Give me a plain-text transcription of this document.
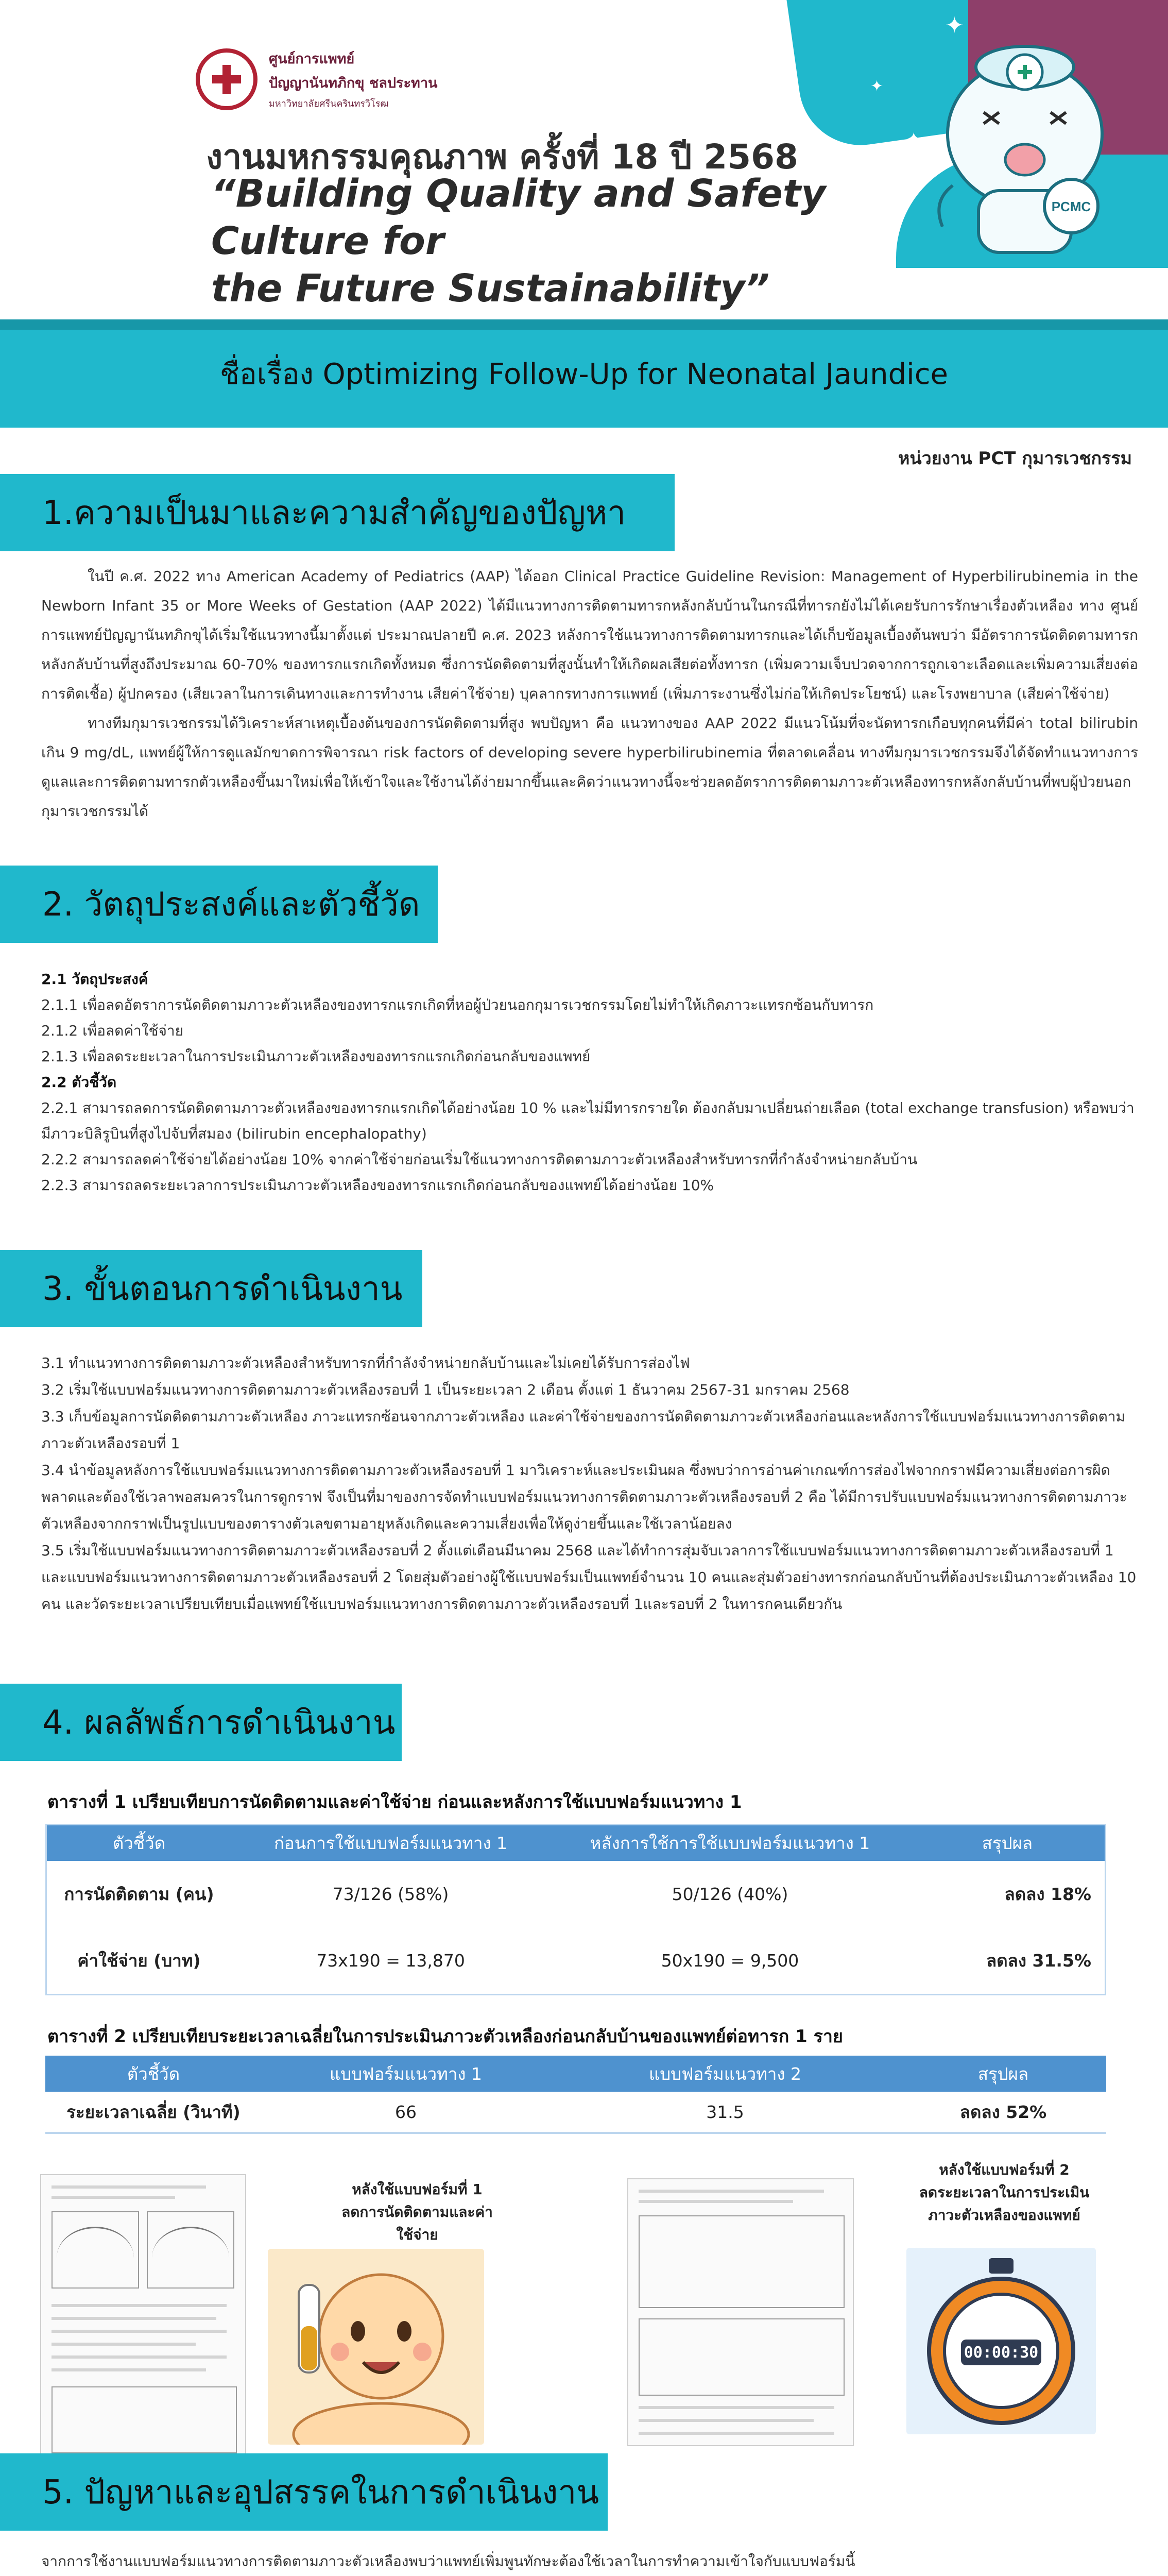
✦
✦
✦
ศูนย์การแพทย์
ปัญญานันทภิกขุ ชลประทาน
มหาวิทยาลัยศรีนครินทรวิโรฒ
งานมหกรรมคุณภาพ ครั้งที่ 18 ปี 2568
“Building Quality and Safety Culture for
the Future Sustainability”
PCMC
ชื่อเรื่อง Optimizing Follow-Up for Neonatal Jaundice
หน่วยงาน PCT กุมารเวชกรรม
1.ความเป็นมาและความสำคัญของปัญหา

ในปี ค.ศ. 2022 ทาง American Academy of Pediatrics (AAP) ได้ออก Clinical Practice Guideline Revision: Management of Hyperbilirubinemia in the Newborn Infant 35 or More Weeks of Gestation (AAP 2022) ได้มีแนวทางการติดตามทารกหลังกลับบ้านในกรณีที่ทารกยังไม่ได้เคยรับการรักษาเรื่องตัวเหลือง ทาง ศูนย์การแพทย์ปัญญานันทภิกขุได้เริ่มใช้แนวทางนี้มาตั้งแต่ ประมาณปลายปี ค.ศ. 2023 หลังการใช้แนวทางการติดตามทารกและได้เก็บข้อมูลเบื้องต้นพบว่า มีอัตราการนัดติดตามทารกหลังกลับบ้านที่สูงถึงประมาณ 60-70% ของทารกแรกเกิดทั้งหมด ซึ่งการนัดติดตามที่สูงนั้นทำให้เกิดผลเสียต่อทั้งทารก (เพิ่มความเจ็บปวดจากการถูกเจาะเลือดและเพิ่มความเสี่ยงต่อการติดเชื้อ) ผู้ปกครอง (เสียเวลาในการเดินทางและการทำงาน เสียค่าใช้จ่าย) บุคลากรทางการแพทย์ (เพิ่มภาระงานซึ่งไม่ก่อให้เกิดประโยชน์) และโรงพยาบาล (เสียค่าใช้จ่าย)

ทางทีมกุมารเวชกรรมได้วิเคราะห์สาเหตุเบื้องต้นของการนัดติดตามที่สูง พบปัญหา คือ แนวทางของ AAP 2022 มีแนวโน้มที่จะนัดทารกเกือบทุกคนที่มีค่า total bilirubin เกิน 9 mg/dL, แพทย์ผู้ให้การดูแลมักขาดการพิจารณา risk factors of developing severe hyperbilirubinemia ที่ตลาดเคลื่อน ทางทีมกุมารเวชกรรมจึงได้จัดทำแนวทางการดูแลและการติดตามทารกตัวเหลืองขึ้นมาใหม่เพื่อให้เข้าใจและใช้งานได้ง่ายมากขึ้นและคิดว่าแนวทางนี้จะช่วยลดอัตราการติดตามภาวะตัวเหลืองทารกหลังกลับบ้านที่พบผู้ป่วยนอกกุมารเวชกรรมได้

2. วัตถุประสงค์และตัวชี้วัด
2.1 วัตถุประสงค์
2.1.1 เพื่อลดอัตราการนัดติดตามภาวะตัวเหลืองของทารกแรกเกิดที่หอผู้ป่วยนอกกุมารเวชกรรมโดยไม่ทำให้เกิดภาวะแทรกซ้อนกับทารก
2.1.2 เพื่อลดค่าใช้จ่าย
2.1.3 เพื่อลดระยะเวลาในการประเมินภาวะตัวเหลืองของทารกแรกเกิดก่อนกลับของแพทย์
2.2 ตัวชี้วัด
2.2.1 สามารถลดการนัดติดตามภาวะตัวเหลืองของทารกแรกเกิดได้อย่างน้อย 10 % และไม่มีทารกรายใด ต้องกลับมาเปลี่ยนถ่ายเลือด (total exchange transfusion) หรือพบว่ามีภาวะบิลิรูบินที่สูงไปจับที่สมอง (bilirubin encephalopathy)
2.2.2 สามารถลดค่าใช้จ่ายได้อย่างน้อย 10% จากค่าใช้จ่ายก่อนเริ่มใช้แนวทางการติดตามภาวะตัวเหลืองสำหรับทารกที่กำลังจำหน่ายกลับบ้าน
2.2.3 สามารถลดระยะเวลาการประเมินภาวะตัวเหลืองของทารกแรกเกิดก่อนกลับของแพทย์ได้อย่างน้อย 10%
3. ขั้นตอนการดำเนินงาน
3.1 ทำแนวทางการติดตามภาวะตัวเหลืองสำหรับทารกที่กำลังจำหน่ายกลับบ้านและไม่เคยได้รับการส่องไฟ
3.2 เริ่มใช้แบบฟอร์มแนวทางการติดตามภาวะตัวเหลืองรอบที่ 1 เป็นระยะเวลา 2 เดือน ตั้งแต่ 1 ธันวาคม 2567-31 มกราคม 2568
3.3 เก็บข้อมูลการนัดติดตามภาวะตัวเหลือง ภาวะแทรกซ้อนจากภาวะตัวเหลือง และค่าใช้จ่ายของการนัดติดตามภาวะตัวเหลืองก่อนและหลังการใช้แบบฟอร์มแนวทางการติดตามภาวะตัวเหลืองรอบที่ 1
3.4 นำข้อมูลหลังการใช้แบบฟอร์มแนวทางการติดตามภาวะตัวเหลืองรอบที่ 1 มาวิเคราะห์และประเมินผล ซึ่งพบว่าการอ่านค่าเกณฑ์การส่องไฟจากกราฟมีความเสี่ยงต่อการผิดพลาดและต้องใช้เวลาพอสมควรในการดูกราฟ จึงเป็นที่มาของการจัดทำแบบฟอร์มแนวทางการติดตามภาวะตัวเหลืองรอบที่ 2 คือ ได้มีการปรับแบบฟอร์มแนวทางการติดตามภาวะตัวเหลืองจากกราฟเป็นรูปแบบของตารางตัวเลขตามอายุหลังเกิดและความเสี่ยงเพื่อให้ดูง่ายขึ้นและใช้เวลาน้อยลง
3.5 เริ่มใช้แบบฟอร์มแนวทางการติดตามภาวะตัวเหลืองรอบที่ 2 ตั้งแต่เดือนมีนาคม 2568 และได้ทำการสุ่มจับเวลาการใช้แบบฟอร์มแนวทางการติดตามภาวะตัวเหลืองรอบที่ 1 และแบบฟอร์มแนวทางการติดตามภาวะตัวเหลืองรอบที่ 2 โดยสุ่มตัวอย่างผู้ใช้แบบฟอร์มเป็นแพทย์จำนวน 10 คนและสุ่มตัวอย่างทารกก่อนกลับบ้านที่ต้องประเมินภาวะตัวเหลือง 10 คน และวัดระยะเวลาเปรียบเทียบเมื่อแพทย์ใช้แบบฟอร์มแนวทางการติดตามภาวะตัวเหลืองรอบที่ 1และรอบที่ 2 ในทารกคนเดียวกัน
4. ผลลัพธ์การดำเนินงาน
ตารางที่ 1 เปรียบเทียบการนัดติดตามและค่าใช้จ่าย ก่อนและหลังการใช้แบบฟอร์มแนวทาง 1
ตัวชี้วัด	ก่อนการใช้แบบฟอร์มแนวทาง 1	หลังการใช้การใช้แบบฟอร์มแนวทาง 1	สรุปผล
การนัดติดตาม (คน)	73/126 (58%)	50/126 (40%)	ลดลง 18%
ค่าใช้จ่าย (บาท)	73x190 = 13,870	50x190 = 9,500	ลดลง 31.5%
ตารางที่ 2 เปรียบเทียบระยะเวลาเฉลี่ยในการประเมินภาวะตัวเหลืองก่อนกลับบ้านของแพทย์ต่อทารก 1 ราย
ตัวชี้วัด	แบบฟอร์มแนวทาง 1	แบบฟอร์มแนวทาง 2	สรุปผล
ระยะเวลาเฉลี่ย (วินาที)	66	31.5	ลดลง 52%
หลังใช้แบบฟอร์มที่ 1
ลดการนัดติดตามและค่าใช้จ่าย
หลังใช้แบบฟอร์มที่ 2
ลดระยะเวลาในการประเมิน
ภาวะตัวเหลืองของแพทย์
00:00:30
5. ปัญหาและอุปสรรคในการดำเนินงาน
จากการใช้งานแบบฟอร์มแนวทางการติดตามภาวะตัวเหลืองพบว่าแพทย์เพิ่มพูนทักษะต้องใช้เวลาในการทำความเข้าใจกับแบบฟอร์มนี้
